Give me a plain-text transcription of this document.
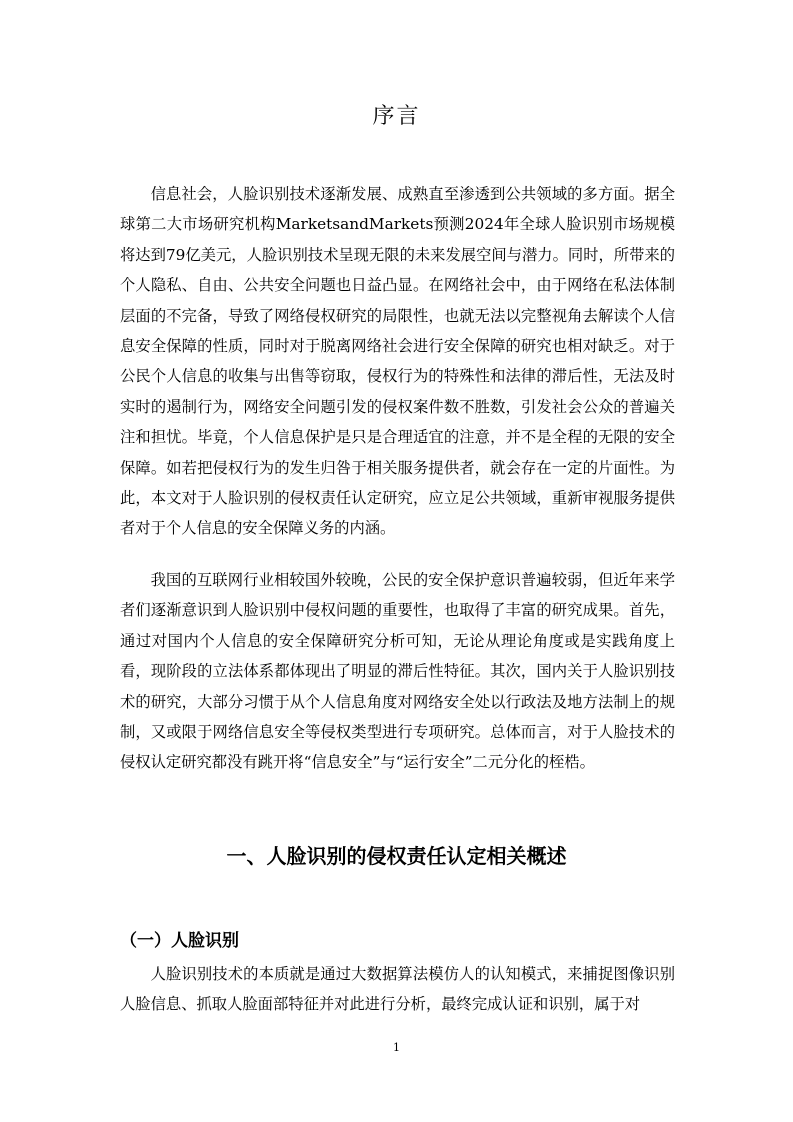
序言

信息社会，人脸识别技术逐渐发展、成熟直至渗透到公共领域的多方面。据全球第二大市场研究机构MarketsandMarkets预测2024年全球人脸识别市场规模将达到79亿美元，人脸识别技术呈现无限的未来发展空间与潜力。同时，所带来的个人隐私、自由、公共安全问题也日益凸显。在网络社会中，由于网络在私法体制层面的不完备，导致了网络侵权研究的局限性，也就无法以完整视角去解读个人信息安全保障的性质，同时对于脱离网络社会进行安全保障的研究也相对缺乏。对于公民个人信息的收集与出售等窃取，侵权行为的特殊性和法律的滞后性，无法及时实时的遏制行为，网络安全问题引发的侵权案件数不胜数，引发社会公众的普遍关注和担忧。毕竟，个人信息保护是只是合理适宜的注意，并不是全程的无限的安全保障。如若把侵权行为的发生归咎于相关服务提供者，就会存在一定的片面性。为此，本文对于人脸识别的侵权责任认定研究，应立足公共领域，重新审视服务提供者对于个人信息的安全保障义务的内涵。

我国的互联网行业相较国外较晚，公民的安全保护意识普遍较弱，但近年来学者们逐渐意识到人脸识别中侵权问题的重要性，也取得了丰富的研究成果。首先，通过对国内个人信息的安全保障研究分析可知，无论从理论角度或是实践角度上看，现阶段的立法体系都体现出了明显的滞后性特征。其次，国内关于人脸识别技术的研究，大部分习惯于从个人信息角度对网络安全处以行政法及地方法制上的规制，又或限于网络信息安全等侵权类型进行专项研究。总体而言，对于人脸技术的侵权认定研究都没有跳开将“信息安全”与“运行安全”二元分化的桎梏。

一、人脸识别的侵权责任认定相关概述
（一）人脸识别

人脸识别技术的本质就是通过大数据算法模仿人的认知模式，来捕捉图像识别人脸信息、抓取人脸面部特征并对此进行分析，最终完成认证和识别，属于对

1
